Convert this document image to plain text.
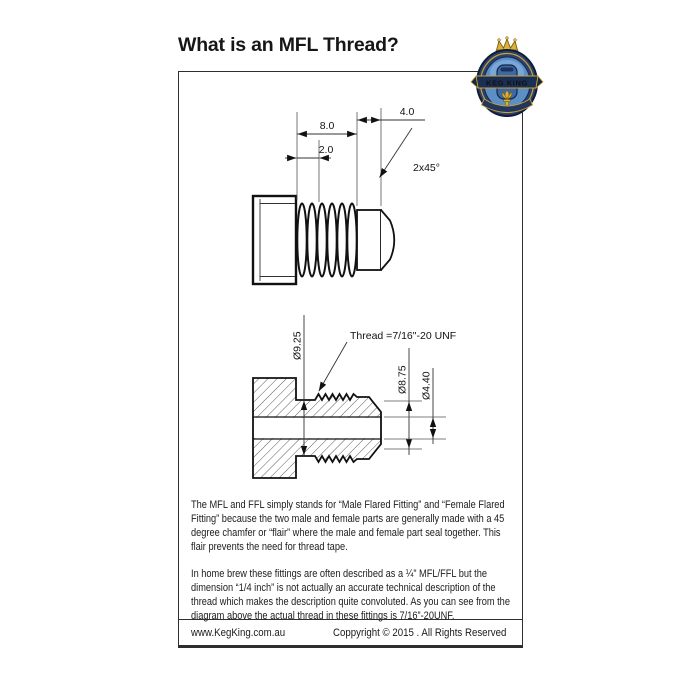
What is an MFL Thread?
8.0
2.0
4.0
2x45°
Ø9.25	Thread =7/16"-20 UNF
Ø8.75 Ø4.40

The MFL and FFL simply stands for “Male Flared Fitting” and “Female Flared Fitting” because the two male and female parts are generally made with a 45 degree chamfer or “flair” where the male and female part seal together. This flair prevents the need for thread tape.

In home brew these fittings are often described as a ¼” MFL/FFL but the dimension “1/4 inch” is not actually an accurate technical description of the thread which makes the description quite convoluted. As you can see from the diagram above the actual thread in these fittings is 7/16”-20UNF.

www.KegKing.com.au	Coppyright © 2015 . All Rights Reserved
KEG KING
